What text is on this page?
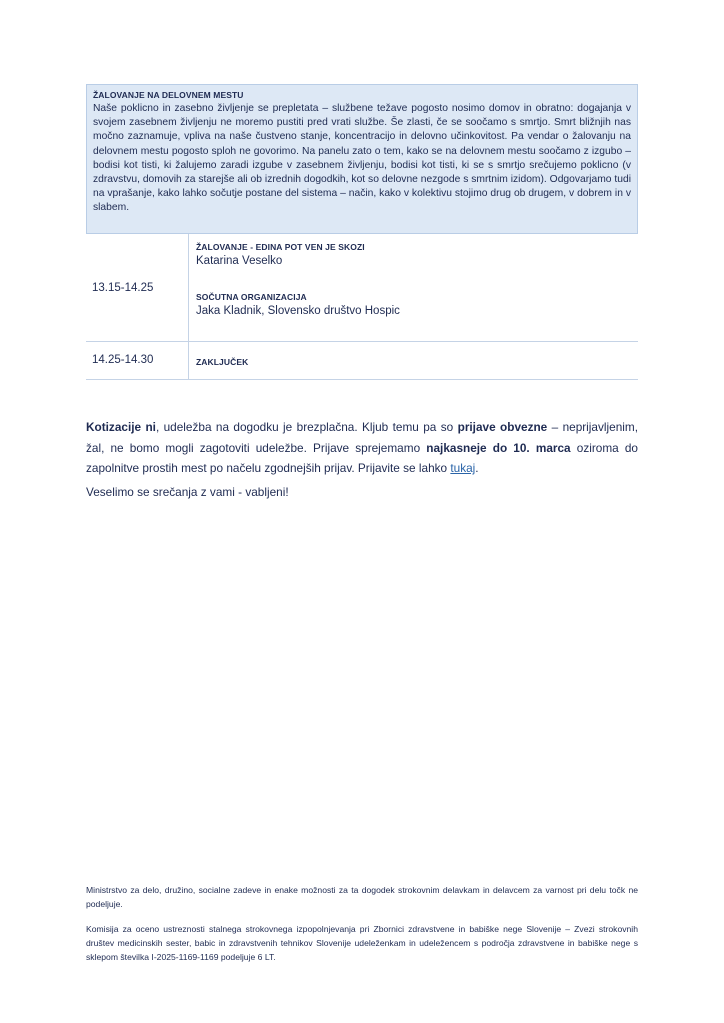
ŽALOVANJE NA DELOVNEM MESTU
Naše poklicno in zasebno življenje se prepletata – službene težave pogosto nosimo domov in obratno: dogajanja v svojem zasebnem življenju ne moremo pustiti pred vrati službe. Še zlasti, če se soočamo s smrtjo. Smrt bližnjih nas močno zaznamuje, vpliva na naše čustveno stanje, koncentracijo in delovno učinkovitost. Pa vendar o žalovanju na delovnem mestu pogosto sploh ne govorimo. Na panelu zato o tem, kako se na delovnem mestu soočamo z izgubo – bodisi kot tisti, ki žalujemo zaradi izgube v zasebnem življenju, bodisi kot tisti, ki se s smrtjo srečujemo poklicno (v zdravstvu, domovih za starejše ali ob izrednih dogodkih, kot so delovne nezgode s smrtnim izidom). Odgovarjamo tudi na vprašanje, kako lahko sočutje postane del sistema – način, kako v kolektivu stojimo drug ob drugem, v dobrem in v slabem.
13.15-14.25
ŽALOVANJE - EDINA POT VEN JE SKOZI
Katarina Veselko
SOČUTNA ORGANIZACIJA
Jaka Kladnik, Slovensko društvo Hospic
14.25-14.30	ZAKLJUČEK
Kotizacije ni, udeležba na dogodku je brezplačna. Kljub temu pa so prijave obvezne – neprijavljenim, žal, ne bomo mogli zagotoviti udeležbe. Prijave sprejemamo najkasneje do 10. marca oziroma do zapolnitve prostih mest po načelu zgodnejših prijav. Prijavite se lahko tukaj.
Veselimo se srečanja z vami - vabljeni!
Ministrstvo za delo, družino, socialne zadeve in enake možnosti za ta dogodek strokovnim delavkam in delavcem za varnost pri delu točk ne podeljuje.
Komisija za oceno ustreznosti stalnega strokovnega izpopolnjevanja pri Zbornici zdravstvene in babiške nege Slovenije – Zvezi strokovnih društev medicinskih sester, babic in zdravstvenih tehnikov Slovenije udeleženkam in udeležencem s področja zdravstvene in babiške nege s sklepom številka I-2025-1169-1169 podeljuje 6 LT.
